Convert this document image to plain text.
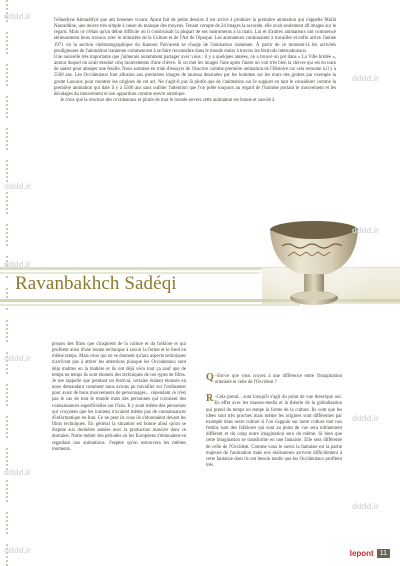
l'ellaedyne Ahmadifyd que atti hreemes vivant. Ayant fait de petits dessins il est arrivé à produire la première animation qui s'appelle Mollâ Nasraddine, une œuvre très simple à cause du manque des moyens. Tenant compte de 24 images la seconde, elle avait seulement 48 images sur le regard. Mais ce n'était qu'un début difficile où il construisait la plupart de ses instruments à la main. Lui et d'autres animateurs ont commencé sérieusement leurs travaux avec le ministère de la Culture et de l'Art de l'époque. Les animateurs continuaient à travailler et enfin arrive l'année 1971 où la section cinématographique du Kanoon Parvaresh se charge de l'animation iranienne. À partir de ce moment-là les activités prodigieuses de l'animation iranienne commencent à se faire reconnaître dans le monde entier à travers les festivals internationaux.

Une nouvelle très importante que j'aimerais notamment partager avec vous : il y a quelques années, on a trouvé un pot dans « La Ville brûlée », autour duquel on avait dessiné cinq mouvements d'une chèvre. Si on met les images l'une après l'autre on voit très bien la chèvre qui est en train de sauter pour attraper une feuille. Nous sommes en train d'essayer de l'inscrire comme première animation de l'Histoire car cela remonte à il y a 5500 ans. Les Occidentaux font allusion aux premières images de taureau dessinées par les hommes sur les murs des grottes par exemple la grotte Lascaux pour montrer les origines de cet art. Ne s'agit-il pas là plutôt que de l'animation sur le support en tant le considérer comme la première animation qui date il y a 5500 ans sans oublier l'attention que l'on prête toujours au regard de l'homme portant le mouvement et les décalages du mouvement et son apparition comme œuvre artistique.

Je crois que la réaction des occidentaux et plutôt de tout le monde envers cette animation est bonne et suscité à

Ravanbakhch Sadéqi

propos des films que s'inspirent de la culture et du folklore et qui profitent ainsi d'une bonne technique à savoir la forme et le fond en même temps. Mais ceux qui ne se donnent qu'aux aspects techniques n'arrivent pas à attirer les attentions puisque les Occidentaux sont déjà maîtres en la matière et ils ont déjà vécu tout ça sauf que de temps en temps ils sont étonnés des techniques de ces types de films. Je me rappelle que pendant un festival, certains étaient étonnés en nous demandant comment nous avions pu travailler sur l'ordinateur pour avoir de bons mouvements de personnages... cependant ce n'est pas le cas de tout le monde mais des personnes qui n'avaient des connaissances superficielles sur l'Iran. Il y avait même des personnes qui croyaient que les iraniens n'avaient même pas de connaissances d'informatique en Iran. Ce ne peut ils vous ils s'étonnaient devant les films techniques. En général la situation est bonne ainsi qu'on se dispute aux dernières années avec la production massive dans ce domaine. Notre métier des périodes où les Européens s'étonnaient en regardant nos animations. J'espère qu'on retrouvera les mêmes moments.

Q –Est-ce que vous croyez à une différence entre l'imagination orientale et celle de l'Occident ?

R –Cela prend... sont lorsqu'il s'agit du point de vue théorique oui. En effet avec les masses-media et la théorie de la globalisation qui prend du temps on tempe la forme de la culture. Ils vont que les idées sont très proches mais même les origines sont différentes par exemple dans notre culture si l'on s'appuie sur notre culture tout nos festins sont des folklores qui sont au point de vue sera ultimement différent et du coup notre imagination sera du même. Si bien que cette imagination se transforme en une fantaisie. Elle sera différente de celle de l'Occident. Comme vous le savez la fantaisie est la partie majeure de l'animation mais nos réalisateurs arrivent difficilement à cette fantaisie dont ils ont besoin tandis que les Occidentaux profitent très

lepont 11
dddd.ir
dddd.ir
dddd.ir
dddd.ir
dddd.ir
dddd.ir
dddd.ir
dddd.ir
dddd.ir
dddd.ir
